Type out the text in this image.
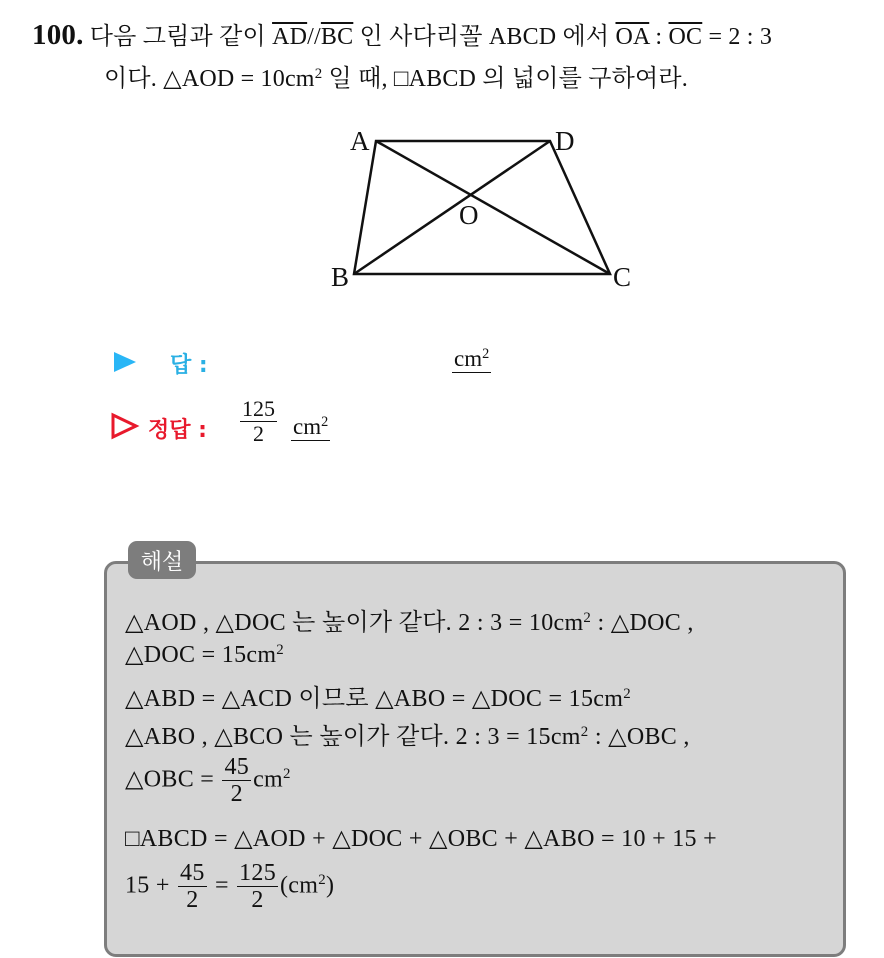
100. 다음 그림과 같이 $\overline{AD}//\overline{BC}$ 인 사다리꼴 ABCD 에서 $\overline{OA}$ : $\overline{OC} = 2$ : 3
이다. △AOD = $10cm^2$ 일 때, □ABCD 의 넓이를 구하여라.
A	D
O
B	C
답 :	$cm^2$
정답 : $\frac{125}{2} cm^2$
해설
△AOD , △DOC 는 높이가 같다. 2 : $3 = 10cm^2$ : △DOC ,
△DOC = $15cm^2$
△ABD = △ACD 이므로 △ABO = △DOC = $15cm^2$
△ABO , △BCO 는 높이가 같다. 2 : $3 = 15cm^2$ : △OBC ,
△OBC = $\frac{45}{2} cm^2$
□ABCD = △AOD + △DOC + △OBC + △ABO = 10 + 15 +
$15 + \frac{45}{2} = \frac{125}{2} (cm^2)$
